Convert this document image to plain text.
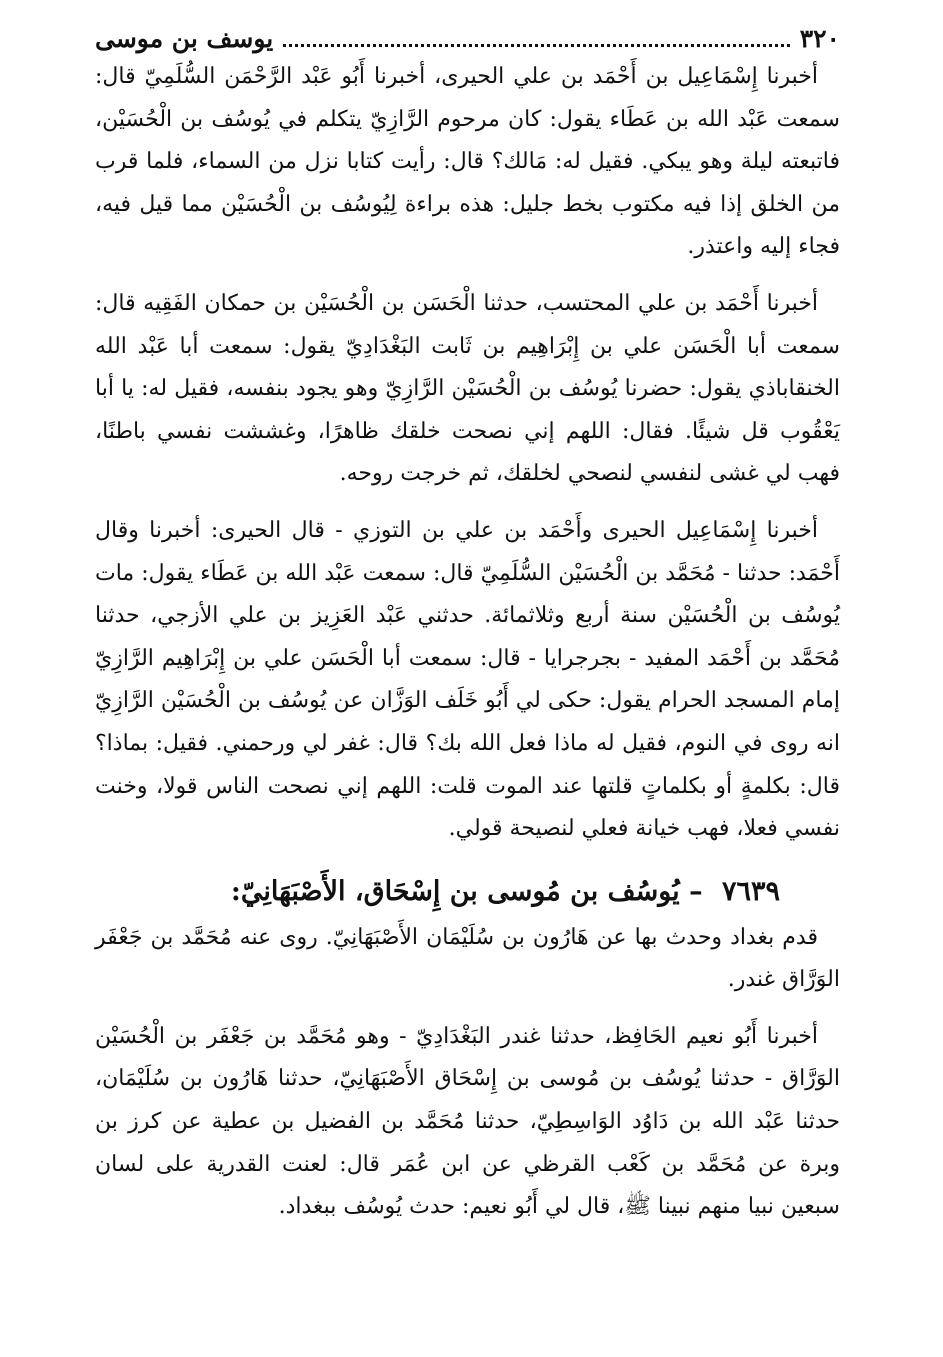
٣٢٠
يوسف بن موسى

أخبرنا إِسْمَاعِيل بن أَحْمَد بن علي الحيرى، أخبرنا أَبُو عَبْد الرَّحْمَن السُّلَمِيّ قال: سمعت عَبْد الله بن عَطَاء يقول: كان مرحوم الرَّازِيّ يتكلم في يُوسُف بن الْحُسَيْن، فاتبعته ليلة وهو يبكي. فقيل له: مَالك؟ قال: رأيت كتابا نزل من السماء، فلما قرب من الخلق إذا فيه مكتوب بخط جليل: هذه براءة لِيُوسُف بن الْحُسَيْن مما قيل فيه، فجاء إليه واعتذر.

أخبرنا أَحْمَد بن علي المحتسب، حدثنا الْحَسَن بن الْحُسَيْن بن حمكان الفَقِيه قال: سمعت أبا الْحَسَن علي بن إِبْرَاهِيم بن ثَابت البَغْدَادِيّ يقول: سمعت أبا عَبْد الله الخنقاباذي يقول: حضرنا يُوسُف بن الْحُسَيْن الرَّازِيّ وهو يجود بنفسه، فقيل له: يا أبا يَعْقُوب قل شيئًا. فقال: اللهم إني نصحت خلقك ظاهرًا، وغششت نفسي باطنًا، فهب لي غشى لنفسي لنصحي لخلقك، ثم خرجت روحه.

أخبرنا إِسْمَاعِيل الحيرى وأَحْمَد بن علي بن التوزي - قال الحيرى: أخبرنا وقال أَحْمَد: حدثنا - مُحَمَّد بن الْحُسَيْن السُّلَمِيّ قال: سمعت عَبْد الله بن عَطَاء يقول: مات يُوسُف بن الْحُسَيْن سنة أربع وثلاثمائة. حدثني عَبْد العَزِيز بن علي الأزجي، حدثنا مُحَمَّد بن أَحْمَد المفيد - بجرجرايا - قال: سمعت أبا الْحَسَن علي بن إِبْرَاهِيم الرَّازِيّ إمام المسجد الحرام يقول: حكى لي أَبُو خَلَف الوَزَّان عن يُوسُف بن الْحُسَيْن الرَّازِيّ انه روى في النوم، فقيل له ماذا فعل الله بك؟ قال: غفر لي ورحمني. فقيل: بماذا؟ قال: بكلمةٍ أو بكلماتٍ قلتها عند الموت قلت: اللهم إني نصحت الناس قولا، وخنت نفسي فعلا، فهب خيانة فعلي لنصيحة قولي.

٧٦٣٩ – يُوسُف بن مُوسى بن إِسْحَاق، الأَصْبَهَانِيّ:

قدم بغداد وحدث بها عن هَارُون بن سُلَيْمَان الأَصْبَهَانِيّ. روى عنه مُحَمَّد بن جَعْفَر الوَرَّاق غندر.

أخبرنا أَبُو نعيم الحَافِظ، حدثنا غندر البَغْدَادِيّ - وهو مُحَمَّد بن جَعْفَر بن الْحُسَيْن الوَرَّاق - حدثنا يُوسُف بن مُوسى بن إِسْحَاق الأَصْبَهَانِيّ، حدثنا هَارُون بن سُلَيْمَان، حدثنا عَبْد الله بن دَاوُد الوَاسِطِيّ، حدثنا مُحَمَّد بن الفضيل بن عطية عن كرز بن وبرة عن مُحَمَّد بن كَعْب القرظي عن ابن عُمَر قال: لعنت القدرية على لسان سبعين نبيا منهم نبينا ﷺ، قال لي أَبُو نعيم: حدث يُوسُف ببغداد.
